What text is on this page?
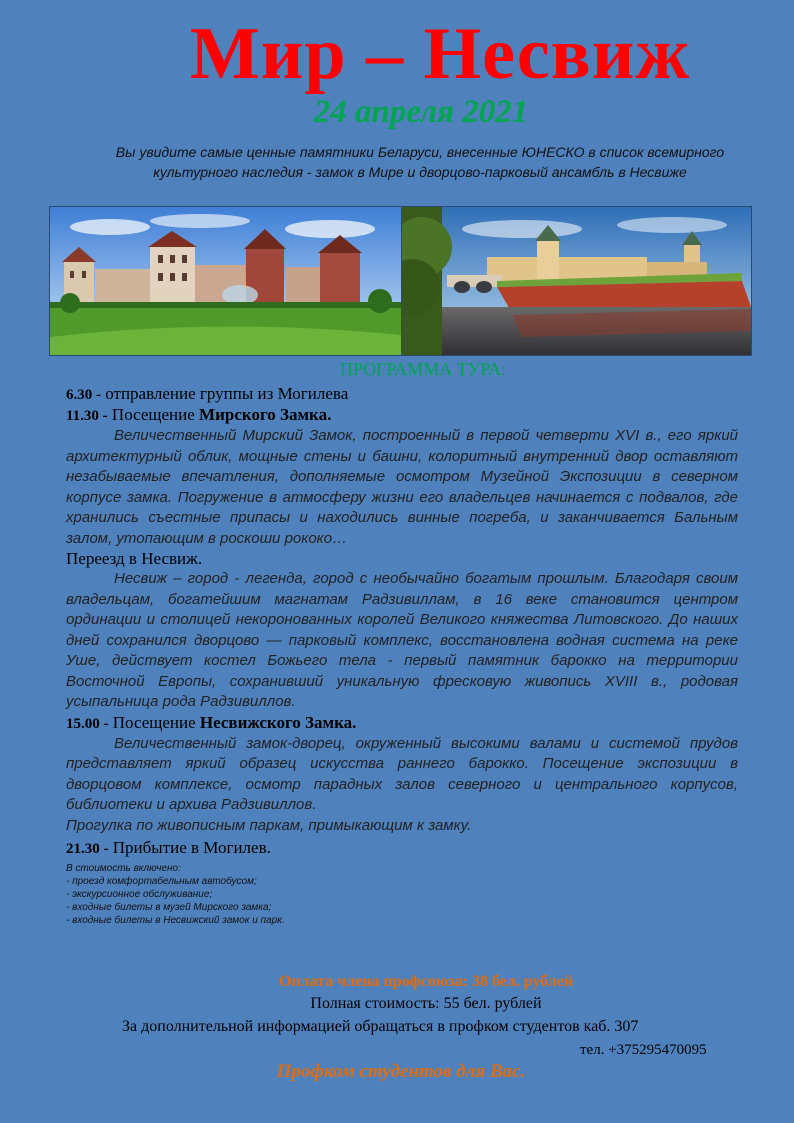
Мир – Несвиж
24 апреля 2021
Вы увидите самые ценные памятники Беларуси, внесенные ЮНЕСКО в список всемирного культурного наследия - замок в Мире и дворцово-парковый ансамбль в Несвиже
ПРОГРАММА ТУРА:

6.30 - отправление группы из Могилева

11.30 - Посещение Мирского Замка.

Величественный Мирский Замок, построенный в первой четверти XVI в., его яркий архитектурный облик, мощные стены и башни, колоритный внутренний двор оставляют незабываемые впечатления, дополняемые осмотром Музейной Экспозиции в северном корпусе замка. Погружение в атмосферу жизни его владельцев начинается с подвалов, где хранились съестные припасы и находились винные погреба, и заканчивается Бальным залом, утопающим в роскоши рококо…

Переезд в Несвиж.

Несвиж – город - легенда, город с необычайно богатым прошлым. Благодаря своим владельцам, богатейшим магнатам Радзивиллам, в 16 веке становится центром ординации и столицей некоронованных королей Великого княжества Литовского. До наших дней сохранился дворцово — парковый комплекс, восстановлена водная система на реке Уше, действует костел Божьего тела - первый памятник барокко на территории Восточной Европы, сохранивший уникальную фресковую живопись XVIII в., родовая усыпальница рода Радзивиллов.

15.00 - Посещение Несвижского Замка.

Величественный замок-дворец, окруженный высокими валами и системой прудов представляет яркий образец искусства раннего барокко. Посещение экспозиции в дворцовом комплексе, осмотр парадных залов северного и центрального корпусов, библиотеки и архива Радзивиллов.

Прогулка по живописным паркам, примыкающим к замку.

21.30 - Прибытие в Могилев.

В стоимость включено:

- проезд комфортабельным автобусом;

- экскурсионное обслуживание;

- входные билеты в музей Мирского замка;

- входные билеты в Несвижский замок и парк.

Оплата члена профсоюза: 38 бел. рублей
Полная стоимость: 55 бел. рублей
За дополнительной информацией обращаться в профком студентов каб. 307
тел. +375295470095
Профком студентов для Вас.
